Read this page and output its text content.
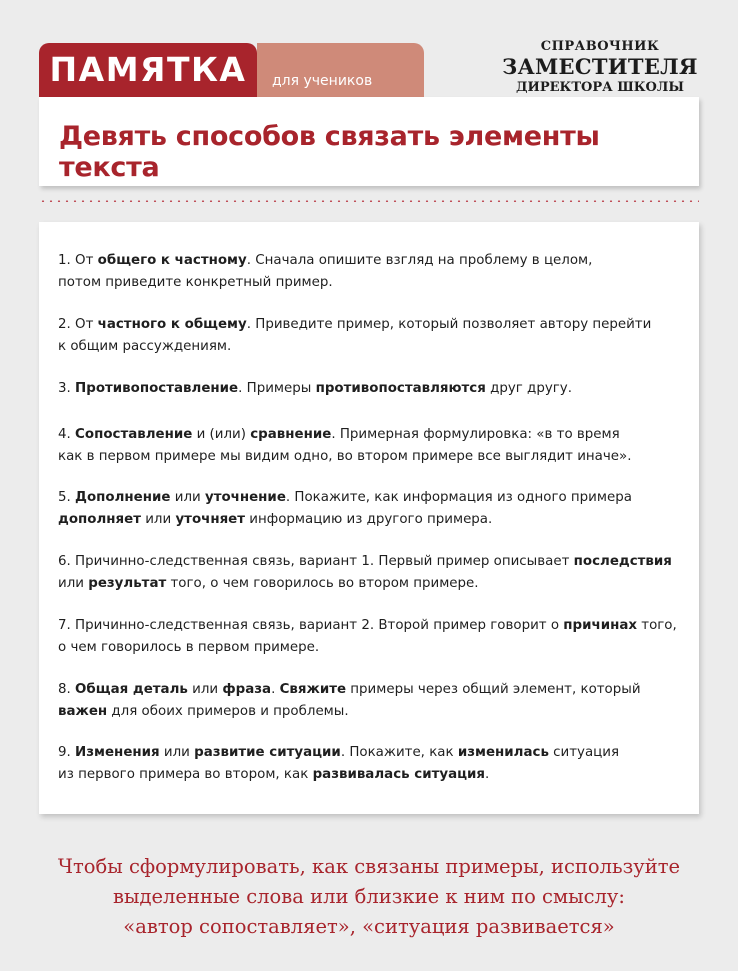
ПАМЯТКА	для учеников
СПРАВОЧНИК
ЗАМЕСТИТЕЛЯ
ДИРЕКТОРА ШКОЛЫ
Девять способов связать элементы текста
1. От общего к частному. Сначала опишите взгляд на проблему в целом,
потом приведите конкретный пример.
2. От частного к общему. Приведите пример, который позволяет автору перейти
к общим рассуждениям.
3. Противопоставление. Примеры противопоставляются друг другу.
4. Сопоставление и (или) сравнение. Примерная формулировка: «в то время
как в первом примере мы видим одно, во втором примере все выглядит иначе».
5. Дополнение или уточнение. Покажите, как информация из одного примера
дополняет или уточняет информацию из другого примера.
6. Причинно-следственная связь, вариант 1. Первый пример описывает последствия
или результат того, о чем говорилось во втором примере.
7. Причинно-следственная связь, вариант 2. Второй пример говорит о причинах того,
о чем говорилось в первом примере.
8. Общая деталь или фраза. Свяжите примеры через общий элемент, который
важен для обоих примеров и проблемы.
9. Изменения или развитие ситуации. Покажите, как изменилась ситуация
из первого примера во втором, как развивалась ситуация.
Чтобы сформулировать, как связаны примеры, используйте
выделенные слова или близкие к ним по смыслу:
«автор сопоставляет», «ситуация развивается»
